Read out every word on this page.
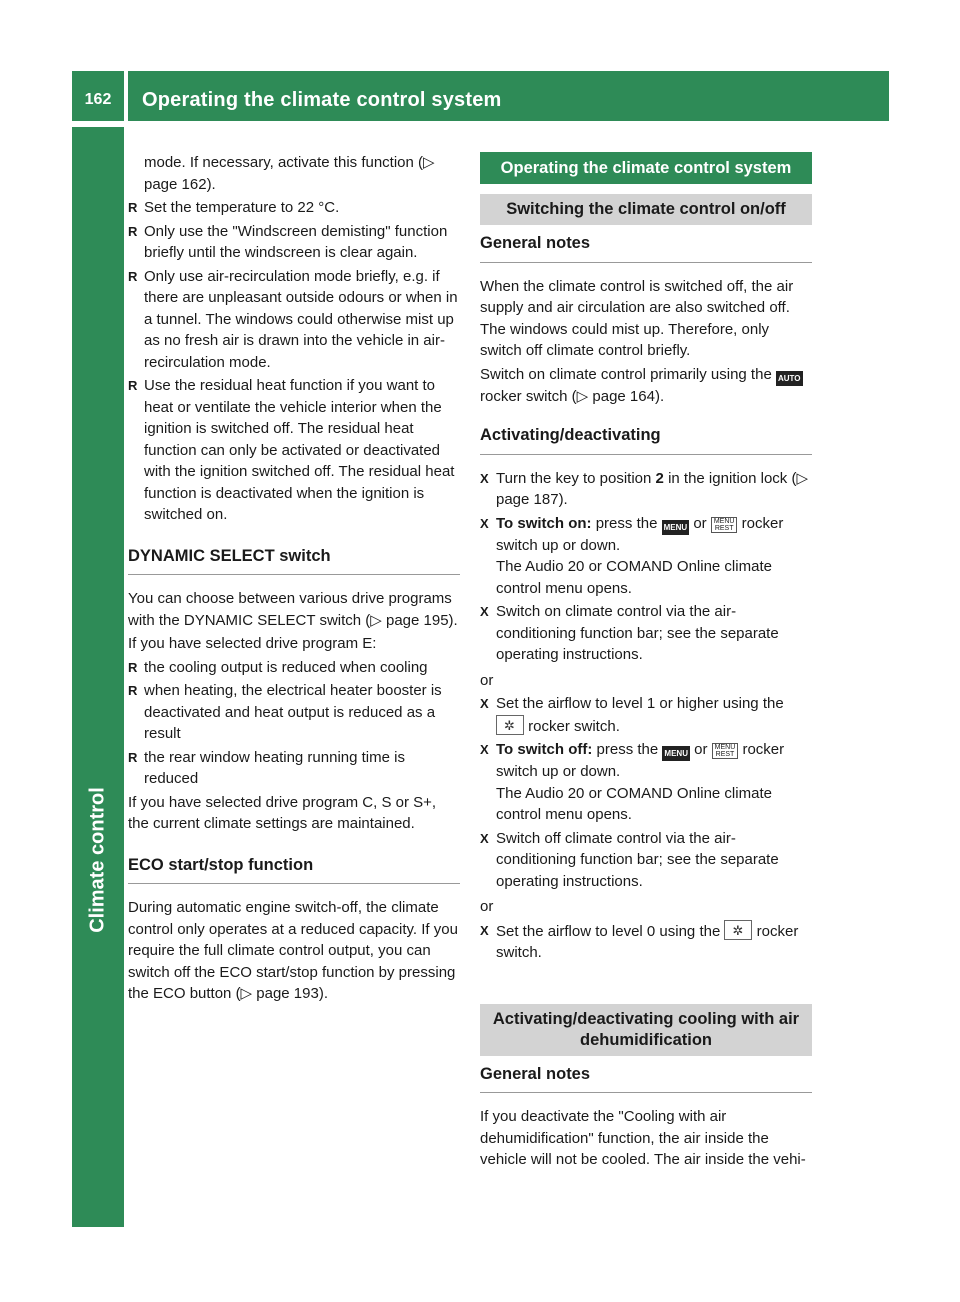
162	Operating the climate control system
Climate control

mode. If necessary, activate this function (▷ page 162).

R Set the temperature to 22 °C.

R Only use the "Windscreen demisting" function briefly until the windscreen is clear again.

R Only use air-recirculation mode briefly, e.g. if there are unpleasant outside odours or when in a tunnel. The windows could otherwise mist up as no fresh air is drawn into the vehicle in air-recirculation mode.

R Use the residual heat function if you want to heat or ventilate the vehicle interior when the ignition is switched off. The residual heat function can only be activated or deactivated with the ignition switched off. The residual heat function is deactivated when the ignition is switched on.

DYNAMIC SELECT switch

You can choose between various drive programs with the DYNAMIC SELECT switch (▷ page 195).

If you have selected drive program E:

R the cooling output is reduced when cooling

R when heating, the electrical heater booster is deactivated and heat output is reduced as a result

R the rear window heating running time is reduced

If you have selected drive program C, S or S+, the current climate settings are maintained.

ECO start/stop function

During automatic engine switch-off, the climate control only operates at a reduced capacity. If you require the full climate control output, you can switch off the ECO start/stop function by pressing the ECO button (▷ page 193).

Operating the climate control system
Switching the climate control on/off
General notes

When the climate control is switched off, the air supply and air circulation are also switched off. The windows could mist up. Therefore, only switch off climate control briefly.

Switch on climate control primarily using the AUTO rocker switch (▷ page 164).

Activating/deactivating

X Turn the key to position 2 in the ignition lock (▷ page 187).

X To switch on: press the MENU or MENU
REST rocker switch up or down.
The Audio 20 or COMAND Online climate control menu opens.

X Switch on climate control via the air-conditioning function bar; see the separate operating instructions.

or

X Set the airflow to level 1 or higher using the ✲ rocker switch.

X To switch off: press the MENU or MENU
REST rocker switch up or down.
The Audio 20 or COMAND Online climate control menu opens.

X Switch off climate control via the air-conditioning function bar; see the separate operating instructions.

or

X Set the airflow to level 0 using the ✲ rocker switch.

Activating/deactivating cooling with air dehumidification
General notes

If you deactivate the "Cooling with air dehumidification" function, the air inside the vehicle will not be cooled. The air inside the vehi-
